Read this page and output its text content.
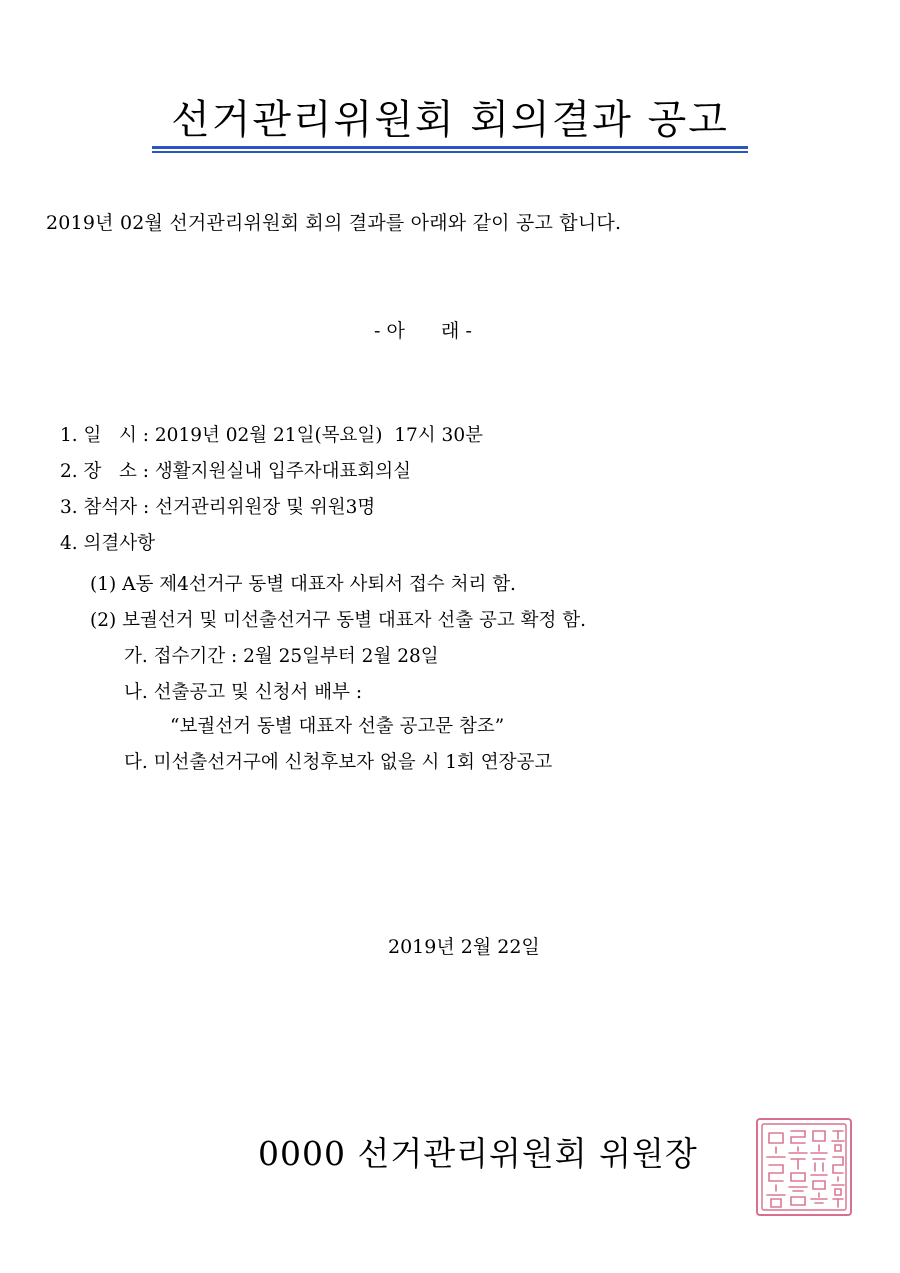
선거관리위원회 회의결과 공고
2019년 02월 선거관리위원회 회의 결과를 아래와 같이 공고 합니다.
- 아      래 -
1. 일   시 : 2019년 02월 21일(목요일)  17시 30분
2. 장   소 : 생활지원실내 입주자대표회의실
3. 참석자 : 선거관리위원장 및 위원3명
4. 의결사항
(1) A동 제4선거구 동별 대표자 사퇴서 접수 처리 함.
(2) 보궐선거 및 미선출선거구 동별 대표자 선출 공고 확정 함.
가. 접수기간 : 2월 25일부터 2월 28일
나. 선출공고 및 신청서 배부 :
“보궐선거 동별 대표자 선출 공고문 참조”
다. 미선출선거구에 신청후보자 없을 시 1회 연장공고
2019년 2월 22일
0000 선거관리위원회 위원장
